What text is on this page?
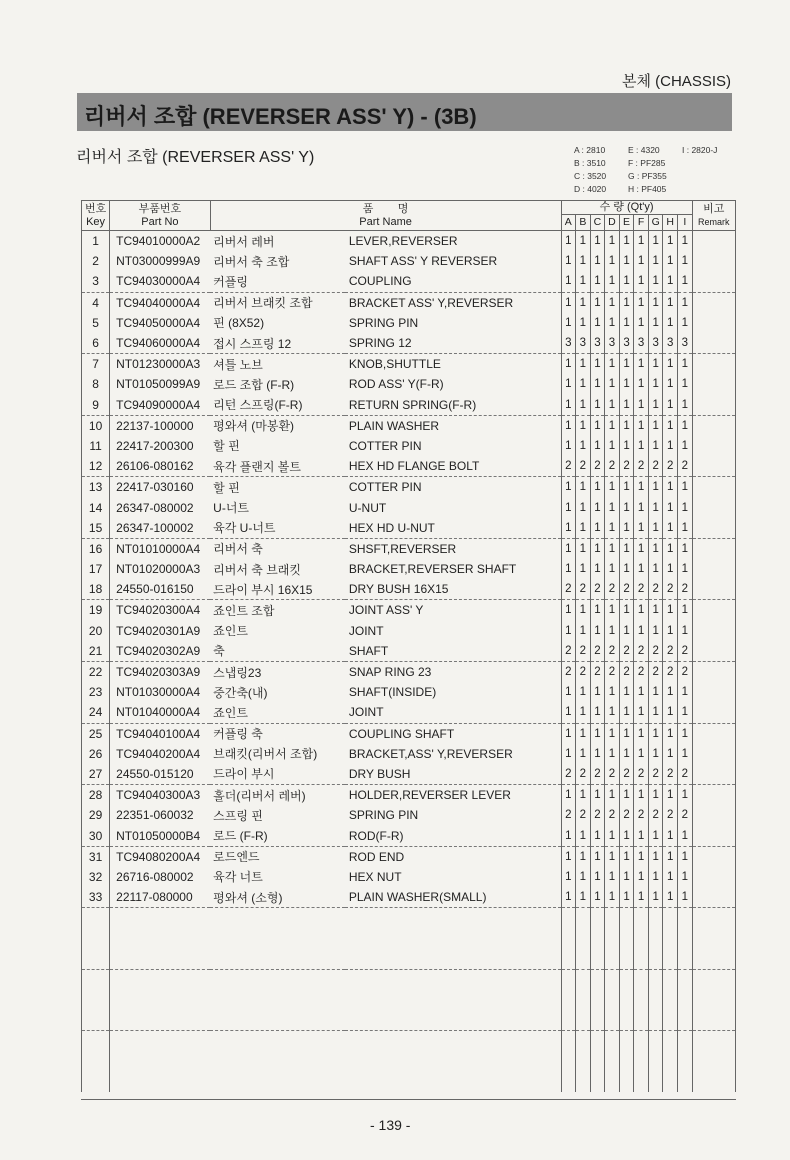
본체 (CHASSIS)
리버서 조합 (REVERSER ASS' Y) - (3B)
리버서 조합 (REVERSER ASS' Y)	A : 2810
B : 3510
C : 3520
D : 4020
E : 4320
F : PF285
G : PF355
H : PF405
I : 2820-J
번호
Key	부품번호
Part No	품        명
Part Name		수 량 (Qt'y)									비고
Remark
				A	B	C	D	E	F	G	H	I	
1	TC94010000A2	리버서 레버	LEVER,REVERSER	1	1	1	1	1	1	1	1	1	
2	NT03000999A9	리버서 축 조합	SHAFT ASS' Y REVERSER	1	1	1	1	1	1	1	1	1	
3	TC94030000A4	커플링	COUPLING	1	1	1	1	1	1	1	1	1	
4	TC94040000A4	리버서 브래킷 조합	BRACKET ASS' Y,REVERSER	1	1	1	1	1	1	1	1	1	
5	TC94050000A4	핀 (8X52)	SPRING PIN	1	1	1	1	1	1	1	1	1	
6	TC94060000A4	접시 스프링 12	SPRING 12	3	3	3	3	3	3	3	3	3	
7	NT01230000A3	셔틀 노브	KNOB,SHUTTLE	1	1	1	1	1	1	1	1	1	
8	NT01050099A9	로드 조합 (F-R)	ROD ASS' Y(F-R)	1	1	1	1	1	1	1	1	1	
9	TC94090000A4	리턴 스프링(F-R)	RETURN SPRING(F-R)	1	1	1	1	1	1	1	1	1	
10	22137-100000	평와셔 (마봉환)	PLAIN WASHER	1	1	1	1	1	1	1	1	1	
11	22417-200300	할 핀	COTTER PIN	1	1	1	1	1	1	1	1	1	
12	26106-080162	육각 플랜지 볼트	HEX HD FLANGE BOLT	2	2	2	2	2	2	2	2	2	
13	22417-030160	할 핀	COTTER PIN	1	1	1	1	1	1	1	1	1	
14	26347-080002	U-너트	U-NUT	1	1	1	1	1	1	1	1	1	
15	26347-100002	육각 U-너트	HEX HD U-NUT	1	1	1	1	1	1	1	1	1	
16	NT01010000A4	리버서 축	SHSFT,REVERSER	1	1	1	1	1	1	1	1	1	
17	NT01020000A3	리버서 축 브래킷	BRACKET,REVERSER SHAFT	1	1	1	1	1	1	1	1	1	
18	24550-016150	드라이 부시 16X15	DRY BUSH 16X15	2	2	2	2	2	2	2	2	2	
19	TC94020300A4	죠인트 조합	JOINT ASS' Y	1	1	1	1	1	1	1	1	1	
20	TC94020301A9	죠인트	JOINT	1	1	1	1	1	1	1	1	1	
21	TC94020302A9	축	SHAFT	2	2	2	2	2	2	2	2	2	
22	TC94020303A9	스냅링23	SNAP RING 23	2	2	2	2	2	2	2	2	2	
23	NT01030000A4	중간축(내)	SHAFT(INSIDE)	1	1	1	1	1	1	1	1	1	
24	NT01040000A4	죠인트	JOINT	1	1	1	1	1	1	1	1	1	
25	TC94040100A4	커플링 축	COUPLING SHAFT	1	1	1	1	1	1	1	1	1	
26	TC94040200A4	브래킷(리버서 조합)	BRACKET,ASS' Y,REVERSER	1	1	1	1	1	1	1	1	1	
27	24550-015120	드라이 부시	DRY BUSH	2	2	2	2	2	2	2	2	2	
28	TC94040300A3	홀더(리버서 레버)	HOLDER,REVERSER LEVER	1	1	1	1	1	1	1	1	1	
29	22351-060032	스프링 핀	SPRING PIN	2	2	2	2	2	2	2	2	2	
30	NT01050000B4	로드 (F-R)	ROD(F-R)	1	1	1	1	1	1	1	1	1	
31	TC94080200A4	로드엔드	ROD END	1	1	1	1	1	1	1	1	1	
32	26716-080002	육각 너트	HEX NUT	1	1	1	1	1	1	1	1	1	
33	22117-080000	평와셔 (소형)	PLAIN WASHER(SMALL)	1	1	1	1	1	1	1	1	1	

- 139 -
